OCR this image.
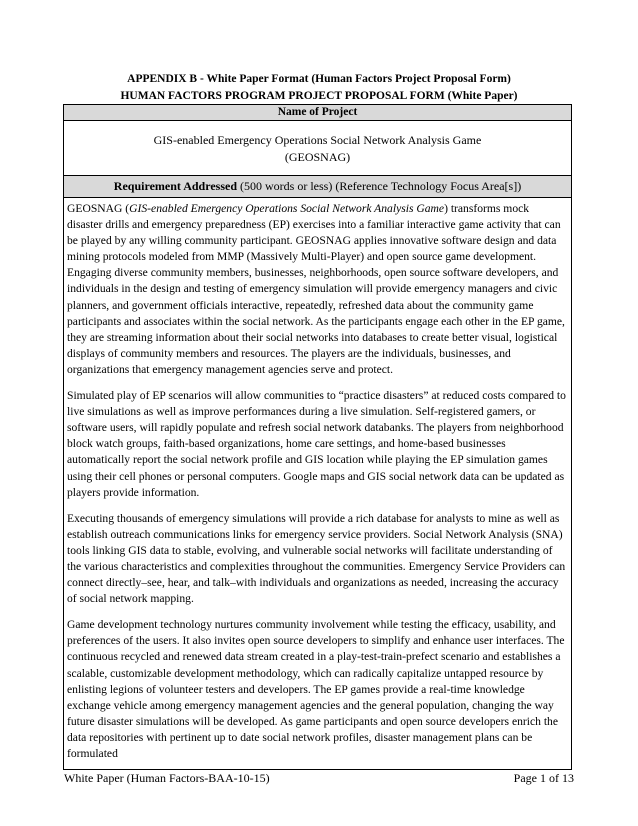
APPENDIX B - White Paper Format (Human Factors Project Proposal Form)
HUMAN FACTORS PROGRAM PROJECT PROPOSAL FORM (White Paper)
Name of Project
GIS-enabled Emergency Operations Social Network Analysis Game
(GEOSNAG)
Requirement Addressed (500 words or less) (Reference Technology Focus Area[s])

GEOSNAG (GIS-enabled Emergency Operations Social Network Analysis Game) transforms mock disaster drills and emergency preparedness (EP) exercises into a familiar interactive game activity that can be played by any willing community participant. GEOSNAG applies innovative software design and data mining protocols modeled from MMP (Massively Multi-Player) and open source game development. Engaging diverse community members, businesses, neighborhoods, open source software developers, and individuals in the design and testing of emergency simulation will provide emergency managers and civic planners, and government officials interactive, repeatedly, refreshed data about the community game participants and associates within the social network. As the participants engage each other in the EP game, they are streaming information about their social networks into databases to create better visual, logistical displays of community members and resources. The players are the individuals, businesses, and organizations that emergency management agencies serve and protect.

Simulated play of EP scenarios will allow communities to “practice disasters” at reduced costs compared to live simulations as well as improve performances during a live simulation. Self-registered gamers, or software users, will rapidly populate and refresh social network databanks. The players from neighborhood block watch groups, faith-based organizations, home care settings, and home-based businesses automatically report the social network profile and GIS location while playing the EP simulation games using their cell phones or personal computers. Google maps and GIS social network data can be updated as players provide information.

Executing thousands of emergency simulations will provide a rich database for analysts to mine as well as establish outreach communications links for emergency service providers. Social Network Analysis (SNA) tools linking GIS data to stable, evolving, and vulnerable social networks will facilitate understanding of the various characteristics and complexities throughout the communities. Emergency Service Providers can connect directly–see, hear, and talk–with individuals and organizations as needed, increasing the accuracy of social network mapping.

Game development technology nurtures community involvement while testing the efficacy, usability, and preferences of the users. It also invites open source developers to simplify and enhance user interfaces. The continuous recycled and renewed data stream created in a play-test-train-prefect scenario and establishes a scalable, customizable development methodology, which can radically capitalize untapped resource by enlisting legions of volunteer testers and developers. The EP games provide a real-time knowledge exchange vehicle among emergency management agencies and the general population, changing the way future disaster simulations will be developed. As game participants and open source developers enrich the data repositories with pertinent up to date social network profiles, disaster management plans can be formulated

White Paper (Human Factors-BAA-10-15)	Page 1 of 13
